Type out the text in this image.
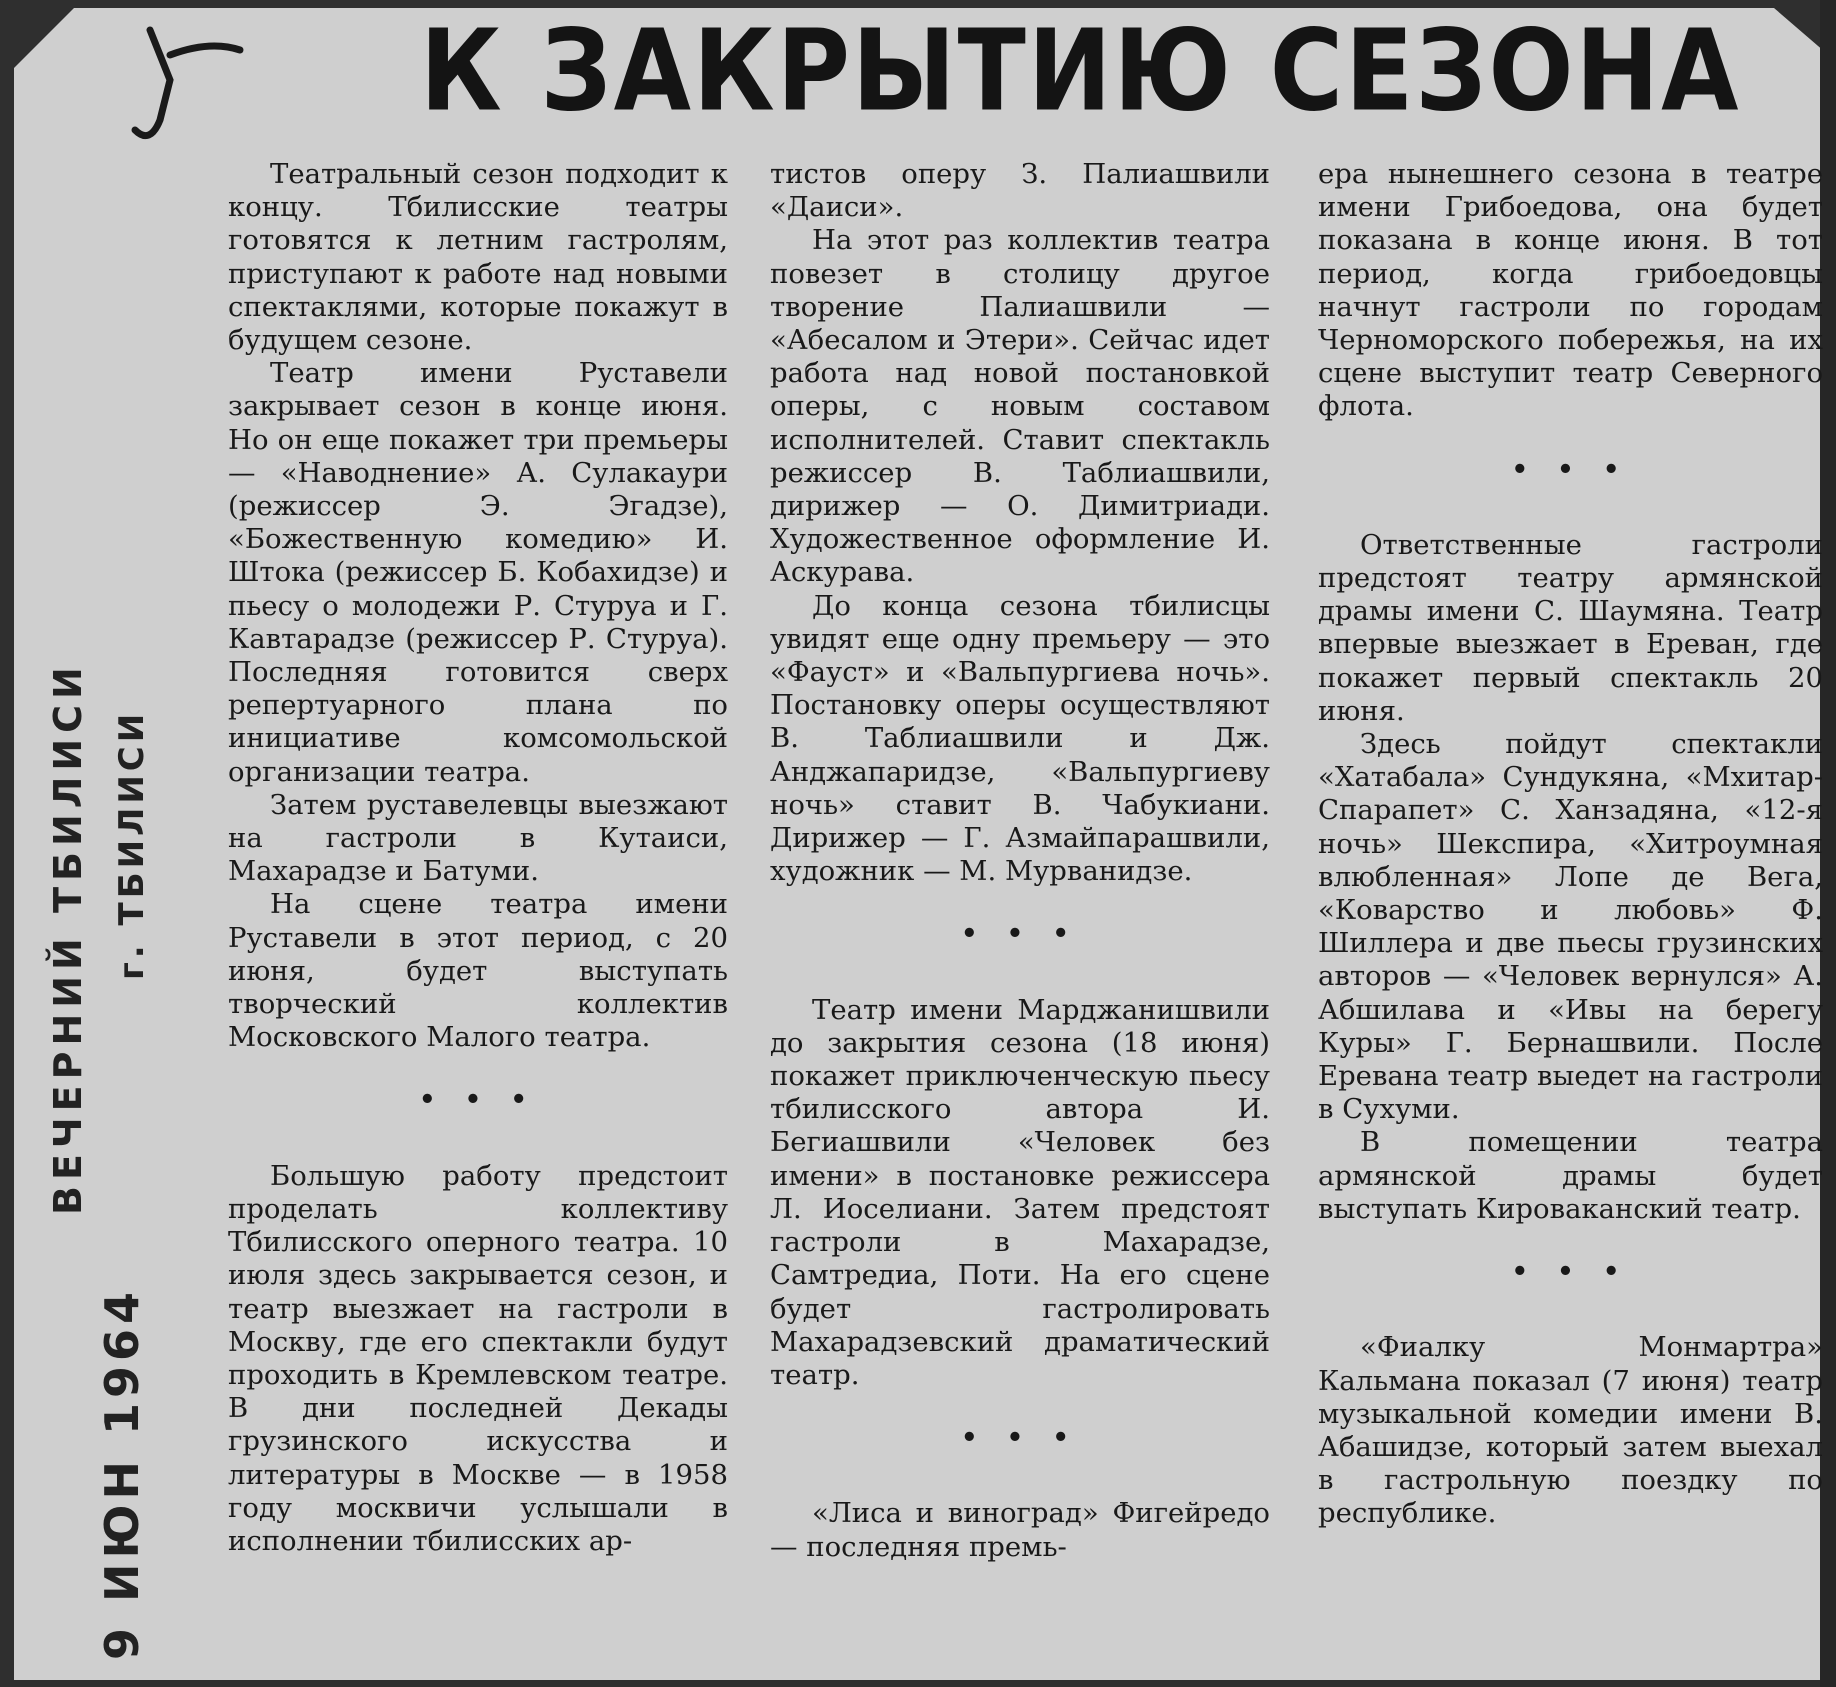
К ЗАКРЫТИЮ СЕЗОНА
ВЕЧЕРНИЙ ТБИЛИСИ г. ТБИЛИСИ
9 ИЮН 1964

Театральный сезон подходит к концу. Тбилисские театры готовятся к летним гастролям, приступают к работе над новыми спектаклями, которые покажут в будущем сезоне.

Театр имени Руставели закрывает сезон в конце июня. Но он еще покажет три премьеры — «Наводнение» А. Сулакаури (режиссер Э. Эгадзе), «Божественную комедию» И. Штока (режиссер Б. Кобахидзе) и пьесу о молодежи Р. Стуруа и Г. Кавтарадзе (режиссер Р. Стуруа). Последняя готовится сверх репертуарного плана по инициативе комсомольской организации театра.

Затем руставелевцы выезжают на гастроли в Кутаиси, Махарадзе и Батуми.

На сцене театра имени Руставели в этот период, с 20 июня, будет выступать творческий коллектив Московского Малого театра.

• • •

Большую работу предстоит проделать коллективу Тбилисского оперного театра. 10 июля здесь закрывается сезон, и театр выезжает на гастроли в Москву, где его спектакли будут проходить в Кремлевском театре. В дни последней Декады грузинского искусства и литературы в Москве — в 1958 году москвичи услышали в исполнении тбилисских ар-

тистов оперу З. Палиашвили «Даиси».

На этот раз коллектив театра повезет в столицу другое творение Палиашвили — «Абесалом и Этери». Сейчас идет работа над новой постановкой оперы, с новым составом исполнителей. Ставит спектакль режиссер В. Таблиашвили, дирижер — О. Димитриади. Художественное оформление И. Аскурава.

До конца сезона тбилисцы увидят еще одну премьеру — это «Фауст» и «Вальпургиева ночь». Постановку оперы осуществляют В. Таблиашвили и Дж. Анджапаридзе, «Вальпургиеву ночь» ставит В. Чабукиани. Дирижер — Г. Азмайпарашвили, художник — М. Мурванидзе.

• • •

Театр имени Марджанишвили до закрытия сезона (18 июня) покажет приключенческую пьесу тбилисского автора И. Бегиашвили «Человек без имени» в постановке режиссера Л. Иоселиани. Затем предстоят гастроли в Махарадзе, Самтредиа, Поти. На его сцене будет гастролировать Махарадзевский драматический театр.

• • •

«Лиса и виноград» Фигейредо — последняя премь-

ера нынешнего сезона в театре имени Грибоедова, она будет показана в конце июня. В тот период, когда грибоедовцы начнут гастроли по городам Черноморского побережья, на их сцене выступит театр Северного флота.

• • •

Ответственные гастроли предстоят театру армянской драмы имени С. Шаумяна. Театр впервые выезжает в Ереван, где покажет первый спектакль 20 июня.

Здесь пойдут спектакли «Хатабала» Сундукяна, «Мхитар-Спарапет» С. Ханзадяна, «12-я ночь» Шекспира, «Хитроумная влюбленная» Лопе де Вега, «Коварство и любовь» Ф. Шиллера и две пьесы грузинских авторов — «Человек вернулся» А. Абшилава и «Ивы на берегу Куры» Г. Бернашвили. После Еревана театр выедет на гастроли в Сухуми.

В помещении театра армянской драмы будет выступать Кироваканский театр.

• • •

«Фиалку Монмартра» Кальмана показал (7 июня) театр музыкальной комедии имени В. Абашидзе, который затем выехал в гастрольную поездку по республике.
